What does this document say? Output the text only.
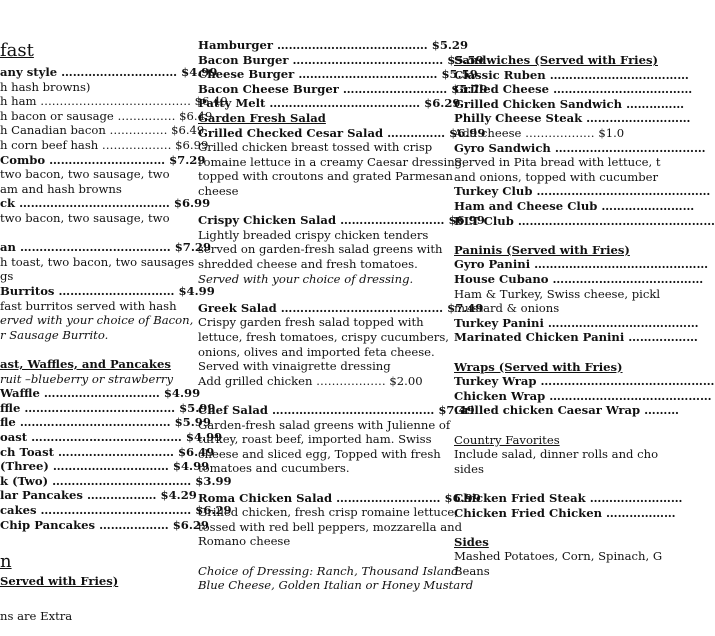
fast
any style ………………………… $4.99
h hash browns)
h ham ………………………………… $6.49
h bacon or sausage …………… $6.49
h Canadian bacon …………… $6.49
h corn beef hash ……………… $6.99
Combo ………………………… $7.29
two bacon, two sausage, two
am and hash browns
ck ………………………………… $6.99
two bacon, two sausage, two
an ………………………………… $7.29
h toast, two bacon, two sausages
gs
Burritos ………………………… $4.99
fast burritos served with hash
erved with your choice of Bacon,
r Sausage Burrito.
ast, Waffles, and Pancakes
ruit –blueberry or strawberry
Waffle ………………………… $4.99
ffle ………………………………… $5.99
fle ………………………………… $5.99
oast ………………………………… $4.99
ch Toast ………………………… $6.49
(Three) ………………………… $4.99
k (Two) ……………………………… $3.99
lar Pancakes ……………… $4.29
cakes ………………………………… $6.29
Chip Pancakes ……………… $6.29
n
Served with Fries)
ns are Extra
Hamburger ………………………………… $5.29
Bacon Burger ………………………………… $5.59
Cheese Burger ……………………………… $5.59
Bacon Cheese Burger ……………………… $5.79
Patty Melt ………………………………… $6.29
Garden Fresh Salad
Grilled Checked Cesar Salad …………… $6.99
Grilled chicken breast tossed with crisp
romaine lettuce in a creamy Caesar dressing,
topped with croutons and grated Parmesan
cheese
Crispy Chicken Salad ……………………… $6.99
Lightly breaded crispy chicken tenders
served on garden-fresh salad greens with
shredded cheese and fresh tomatoes.
Served with your choice of dressing.
Greek Salad …………………………………… $7.49
Crispy garden fresh salad topped with
lettuce, fresh tomatoes, crispy cucumbers,
onions, olives and imported feta cheese.
Served with vinaigrette dressing
Add grilled chicken ……………… $2.00
Chef Salad …………………………………… $7.49
Garden-fresh salad greens with Julienne of
turkey, roast beef, imported ham. Swiss
cheese and sliced egg, Topped with fresh
tomatoes and cucumbers.
Roma Chicken Salad ……………………… $6.99
Grilled chicken, fresh crisp romaine lettuce,
tossed with red bell peppers, mozzarella and
Romano cheese
Choice of Dressing: Ranch, Thousand Island
Blue Cheese, Golden Italian or Honey Mustard
Sandwiches (Served with Fries)
Classic Ruben ………………………………
Grilled Cheese ………………………………
Grilled Chicken Sandwich ……………
Philly Cheese Steak ………………………
Add cheese ……………… $1.0
Gyro Sandwich …………………………………
Served in Pita bread with lettuce, t
and onions, topped with cucumber
Turkey Club ………………………………………
Ham and Cheese Club ……………………
BLT Club ……………………………………………
Paninis (Served with Fries)
Gyro Panini ………………………………………
House Cubano …………………………………
Ham & Turkey, Swiss cheese, pickl
mustard & onions
Turkey Panini …………………………………
Marinated Chicken Panini ………………
Wraps (Served with Fries)
Turkey Wrap ………………………………………
Chicken Wrap ……………………………………
Grilled chicken Caesar Wrap ………
Country Favorites
Include salad, dinner rolls and cho
sides
Chicken Fried Steak ……………………
Chicken Fried Chicken ………………
Sides
Mashed Potatoes, Corn, Spinach, G
Beans
